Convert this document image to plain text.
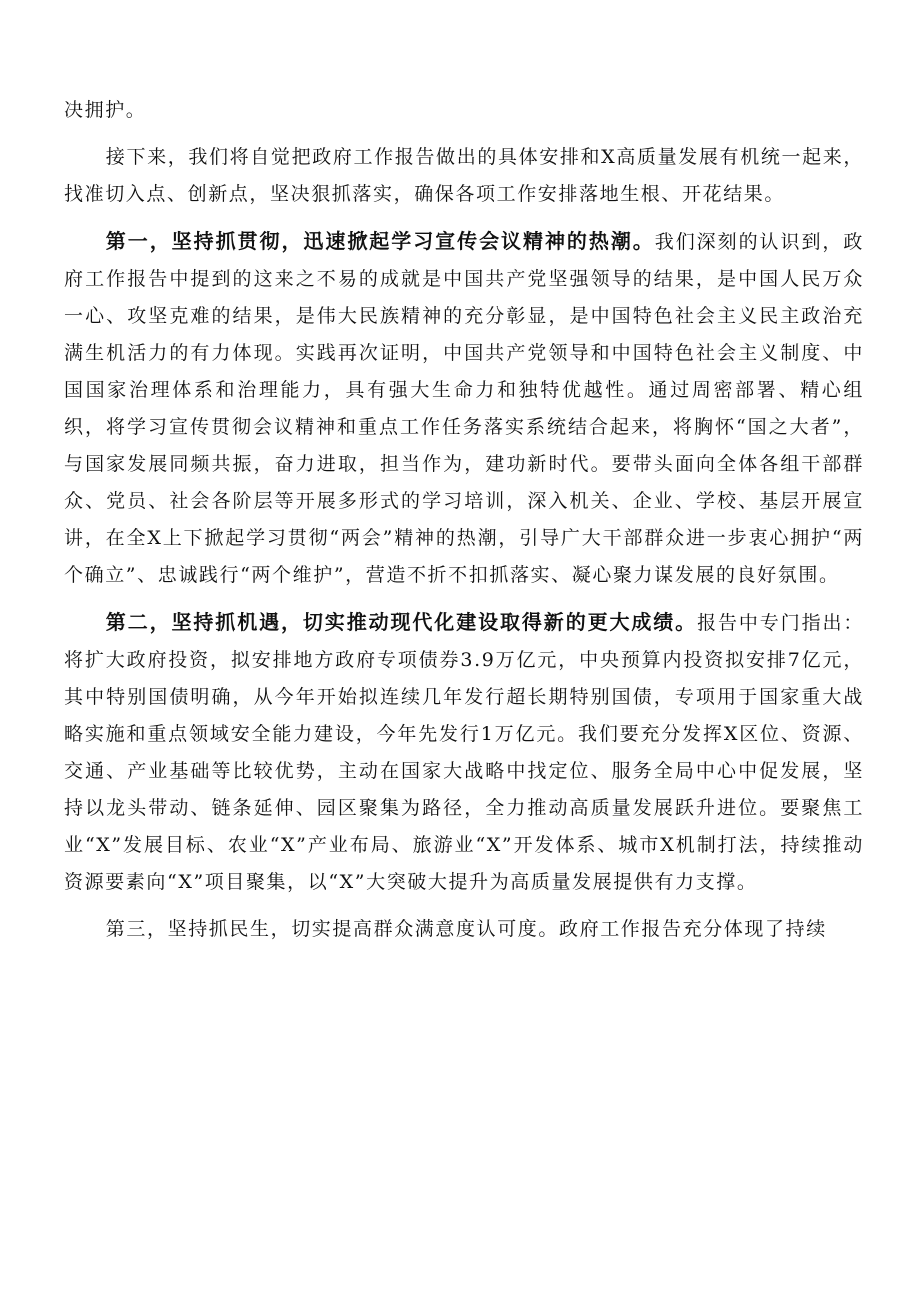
决拥护。

接下来，我们将自觉把政府工作报告做出的具体安排和X高质量发展有机统一起来，找准切入点、创新点，坚决狠抓落实，确保各项工作安排落地生根、开花结果。

第一，坚持抓贯彻，迅速掀起学习宣传会议精神的热潮。我们深刻的认识到，政府工作报告中提到的这来之不易的成就是中国共产党坚强领导的结果，是中国人民万众一心、攻坚克难的结果，是伟大民族精神的充分彰显，是中国特色社会主义民主政治充满生机活力的有力体现。实践再次证明，中国共产党领导和中国特色社会主义制度、中国国家治理体系和治理能力，具有强大生命力和独特优越性。通过周密部署、精心组织，将学习宣传贯彻会议精神和重点工作任务落实系统结合起来，将胸怀“国之大者”，与国家发展同频共振，奋力进取，担当作为，建功新时代。要带头面向全体各组干部群众、党员、社会各阶层等开展多形式的学习培训，深入机关、企业、学校、基层开展宣讲，在全X上下掀起学习贯彻“两会”精神的热潮，引导广大干部群众进一步衷心拥护“两个确立”、忠诚践行“两个维护”，营造不折不扣抓落实、凝心聚力谋发展的良好氛围。

第二，坚持抓机遇，切实推动现代化建设取得新的更大成绩。报告中专门指出：将扩大政府投资，拟安排地方政府专项债券3.9万亿元，中央预算内投资拟安排7亿元，其中特别国债明确，从今年开始拟连续几年发行超长期特别国债，专项用于国家重大战略实施和重点领域安全能力建设，今年先发行1万亿元。我们要充分发挥X区位、资源、交通、产业基础等比较优势，主动在国家大战略中找定位、服务全局中心中促发展，坚持以龙头带动、链条延伸、园区聚集为路径，全力推动高质量发展跃升进位。要聚焦工业“X”发展目标、农业“X”产业布局、旅游业“X”开发体系、城市X机制打法，持续推动资源要素向“X”项目聚集，以“X”大突破大提升为高质量发展提供有力支撑。

第三，坚持抓民生，切实提高群众满意度认可度。政府工作报告充分体现了持续
